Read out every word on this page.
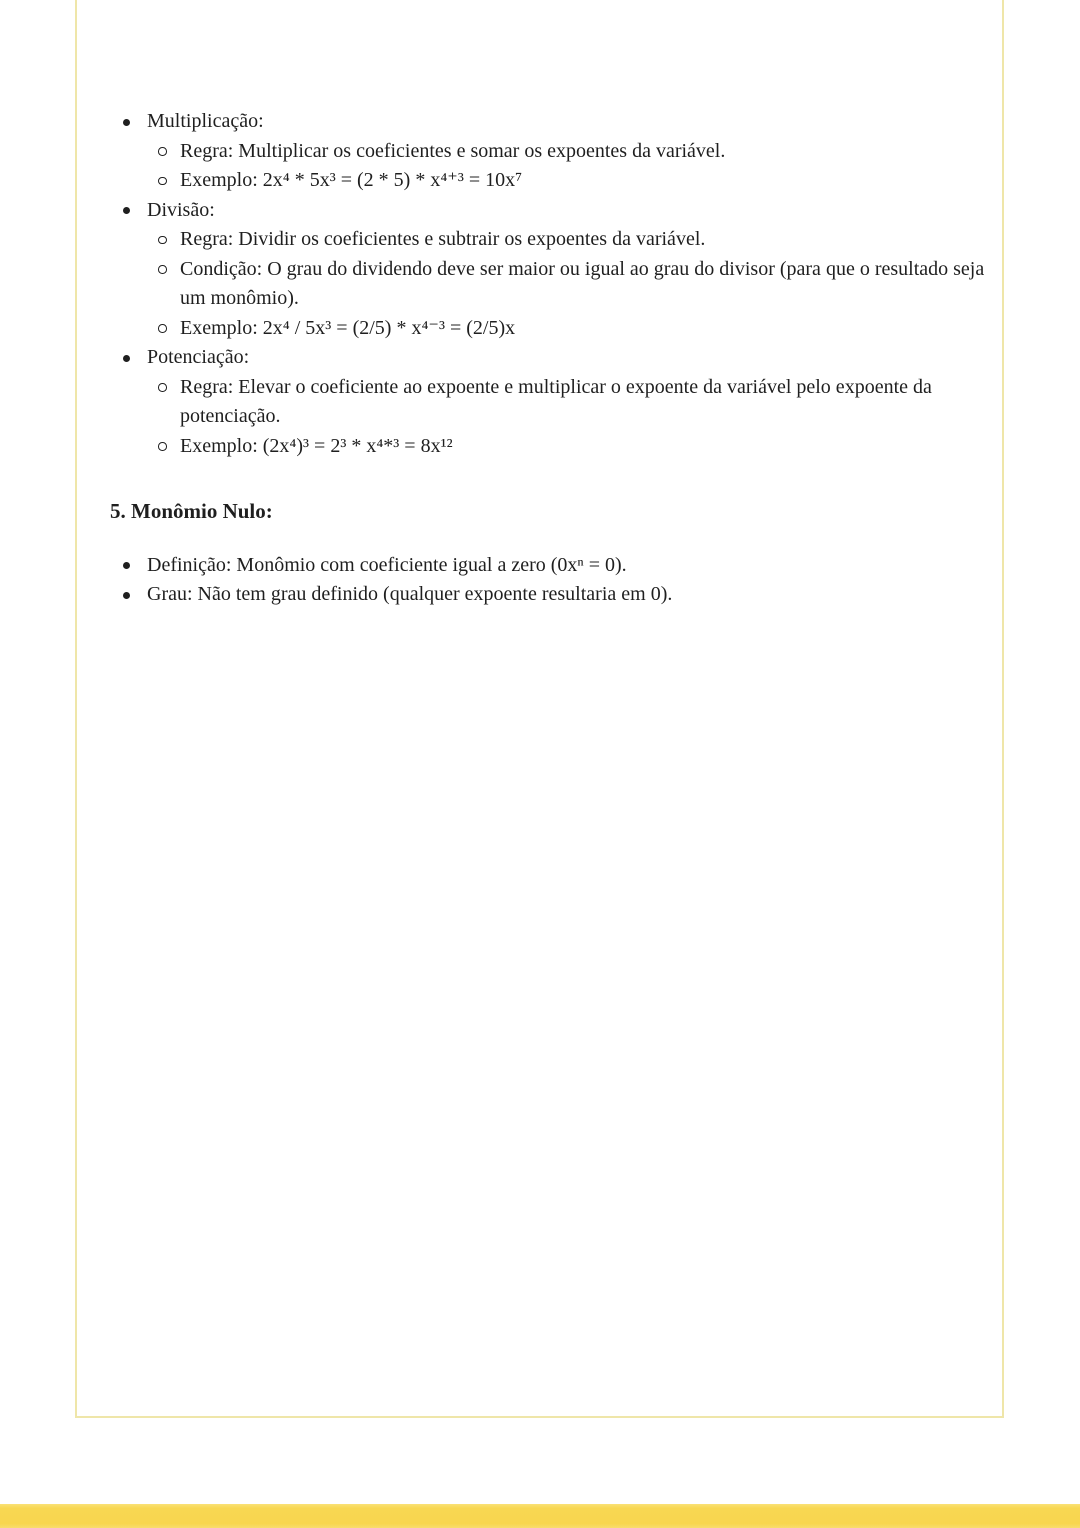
Multiplicação:
Regra: Multiplicar os coeficientes e somar os expoentes da variável.
Exemplo: 2x⁴ * 5x³ = (2 * 5) * x⁴⁺³ = 10x⁷
Divisão:
Regra: Dividir os coeficientes e subtrair os expoentes da variável.
Condição: O grau do dividendo deve ser maior ou igual ao grau do divisor (para que o resultado seja um monômio).
Exemplo: 2x⁴ / 5x³ = (2/5) * x⁴⁻³ = (2/5)x
Potenciação:
Regra: Elevar o coeficiente ao expoente e multiplicar o expoente da variável pelo expoente da potenciação.
Exemplo: (2x⁴)³ = 2³ * x⁴*³ = 8x¹²
5. Monômio Nulo:
Definição: Monômio com coeficiente igual a zero (0xⁿ = 0).
Grau: Não tem grau definido (qualquer expoente resultaria em 0).
